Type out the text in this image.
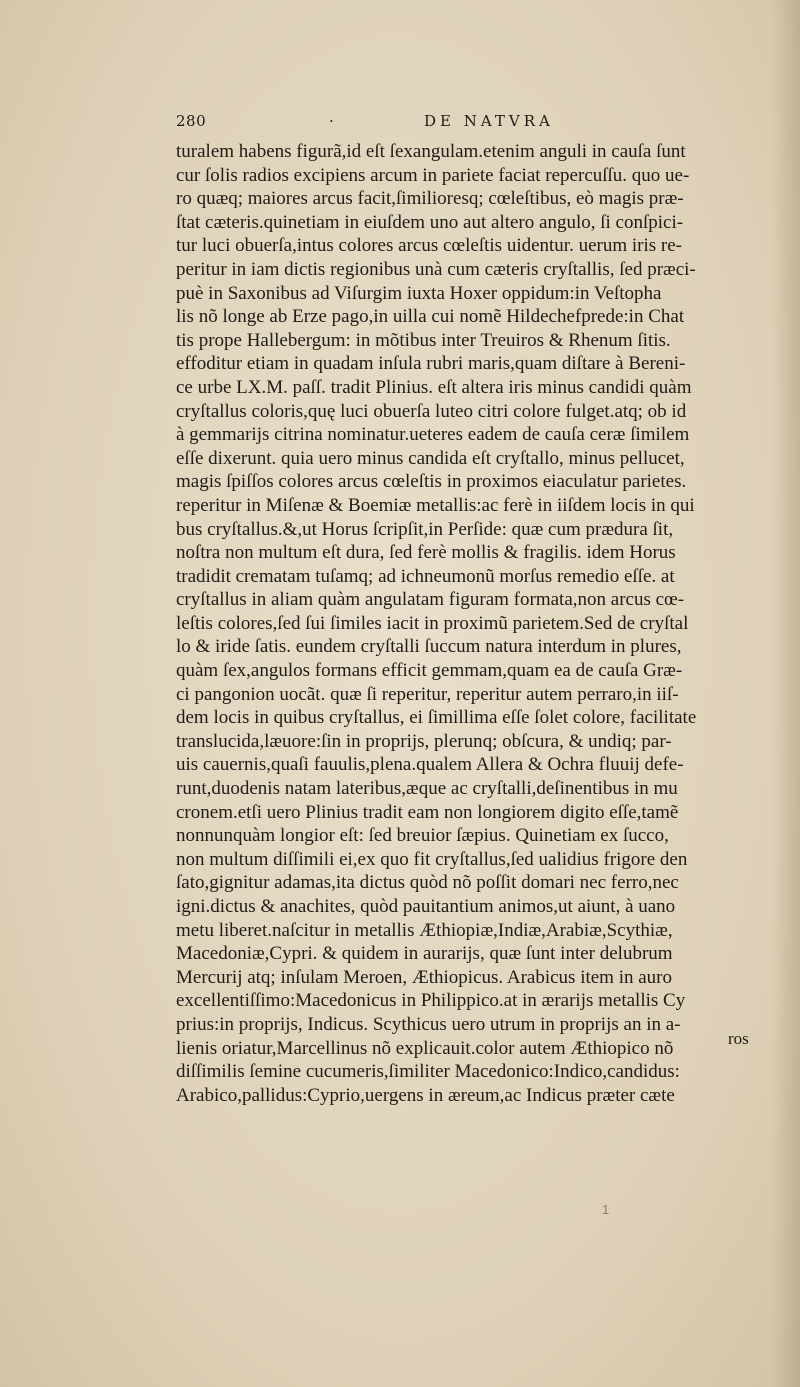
280	·	DE NATVRA
turalem habens figurã,id eſt ſexangulam.etenim anguli in cauſa ſunt
cur ſolis radios excipiens arcum in pariete faciat repercuſſu. quo ue-
ro quæq; maiores arcus facit,ſimilioresq; cœleſtibus, eò magis præ-
ſtat cæteris.quinetiam in eiuſdem uno aut altero angulo, ſi conſpici-
tur luci obuerſa,intus colores arcus cœleſtis uidentur. uerum iris re-
peritur in iam dictis regionibus unà cum cæteris cryſtallis, ſed præci-
puè in Saxonibus ad Viſurgim iuxta Hoxer oppidum:in Veſtopha
lis nõ longe ab Erze pago,in uilla cui nomẽ Hildechefprede:in Chat
tis prope Hallebergum: in mõtibus inter Treuiros & Rhenum ſitis.
effoditur etiam in quadam inſula rubri maris,quam diſtare à Bereni-
ce urbe LX.M. paſſ. tradit Plinius. eſt altera iris minus candidi quàm
cryſtallus coloris,quę luci obuerſa luteo citri colore fulget.atq; ob id
à gemmarijs citrina nominatur.ueteres eadem de cauſa ceræ ſimilem
eſſe dixerunt. quia uero minus candida eſt cryſtallo, minus pellucet,
magis ſpiſſos colores arcus cœleſtis in proximos eiaculatur parietes.
reperitur in Miſenæ & Boemiæ metallis:ac ferè in iiſdem locis in qui
bus cryſtallus.&,ut Horus ſcripſit,in Perſide: quæ cum prædura ſit,
noſtra non multum eſt dura, ſed ferè mollis & fragilis. idem Horus
tradidit crematam tuſamq; ad ichneumonũ morſus remedio eſſe. at
cryſtallus in aliam quàm angulatam figuram formata,non arcus cœ-
leſtis colores,ſed ſui ſimiles iacit in proximũ parietem.Sed de cryſtal
lo & iride ſatis. eundem cryſtalli ſuccum natura interdum in plures,
quàm ſex,angulos formans efficit gemmam,quam ea de cauſa Græ-
ci pangonion uocãt. quæ ſi reperitur, reperitur autem perraro,in iiſ-
dem locis in quibus cryſtallus, ei ſimillima eſſe ſolet colore, facilitate
translucida,læuore:ſin in proprijs, plerunq; obſcura, & undiq; par-
uis cauernis,quaſi fauulis,plena.qualem Allera & Ochra fluuij defe-
runt,duodenis natam lateribus,æque ac cryſtalli,deſinentibus in mu
cronem.etſi uero Plinius tradit eam non longiorem digito eſſe,tamẽ
nonnunquàm longior eſt: ſed breuior ſæpius. Quinetiam ex ſucco,
non multum diſſimili ei,ex quo fit cryſtallus,ſed ualidius frigore den
ſato,gignitur adamas,ita dictus quòd nõ poſſit domari nec ferro,nec
igni.dictus & anachites, quòd pauitantium animos,ut aiunt, à uano
metu liberet.naſcitur in metallis Æthiopiæ,Indiæ,Arabiæ,Scythiæ,
Macedoniæ,Cypri. & quidem in aurarijs, quæ ſunt inter delubrum
Mercurij atq; inſulam Meroen, Æthiopicus. Arabicus item in auro
excellentiſſimo:Macedonicus in Philippico.at in ærarijs metallis Cy
prius:in proprijs, Indicus. Scythicus uero utrum in proprijs an in a-
lienis oriatur,Marcellinus nõ explicauit.color autem Æthiopico nõ
diſſimilis ſemine cucumeris,ſimiliter Macedonico:Indico,candidus:
Arabico,pallidus:Cyprio,uergens in æreum,ac Indicus præter cæte
ros
1
